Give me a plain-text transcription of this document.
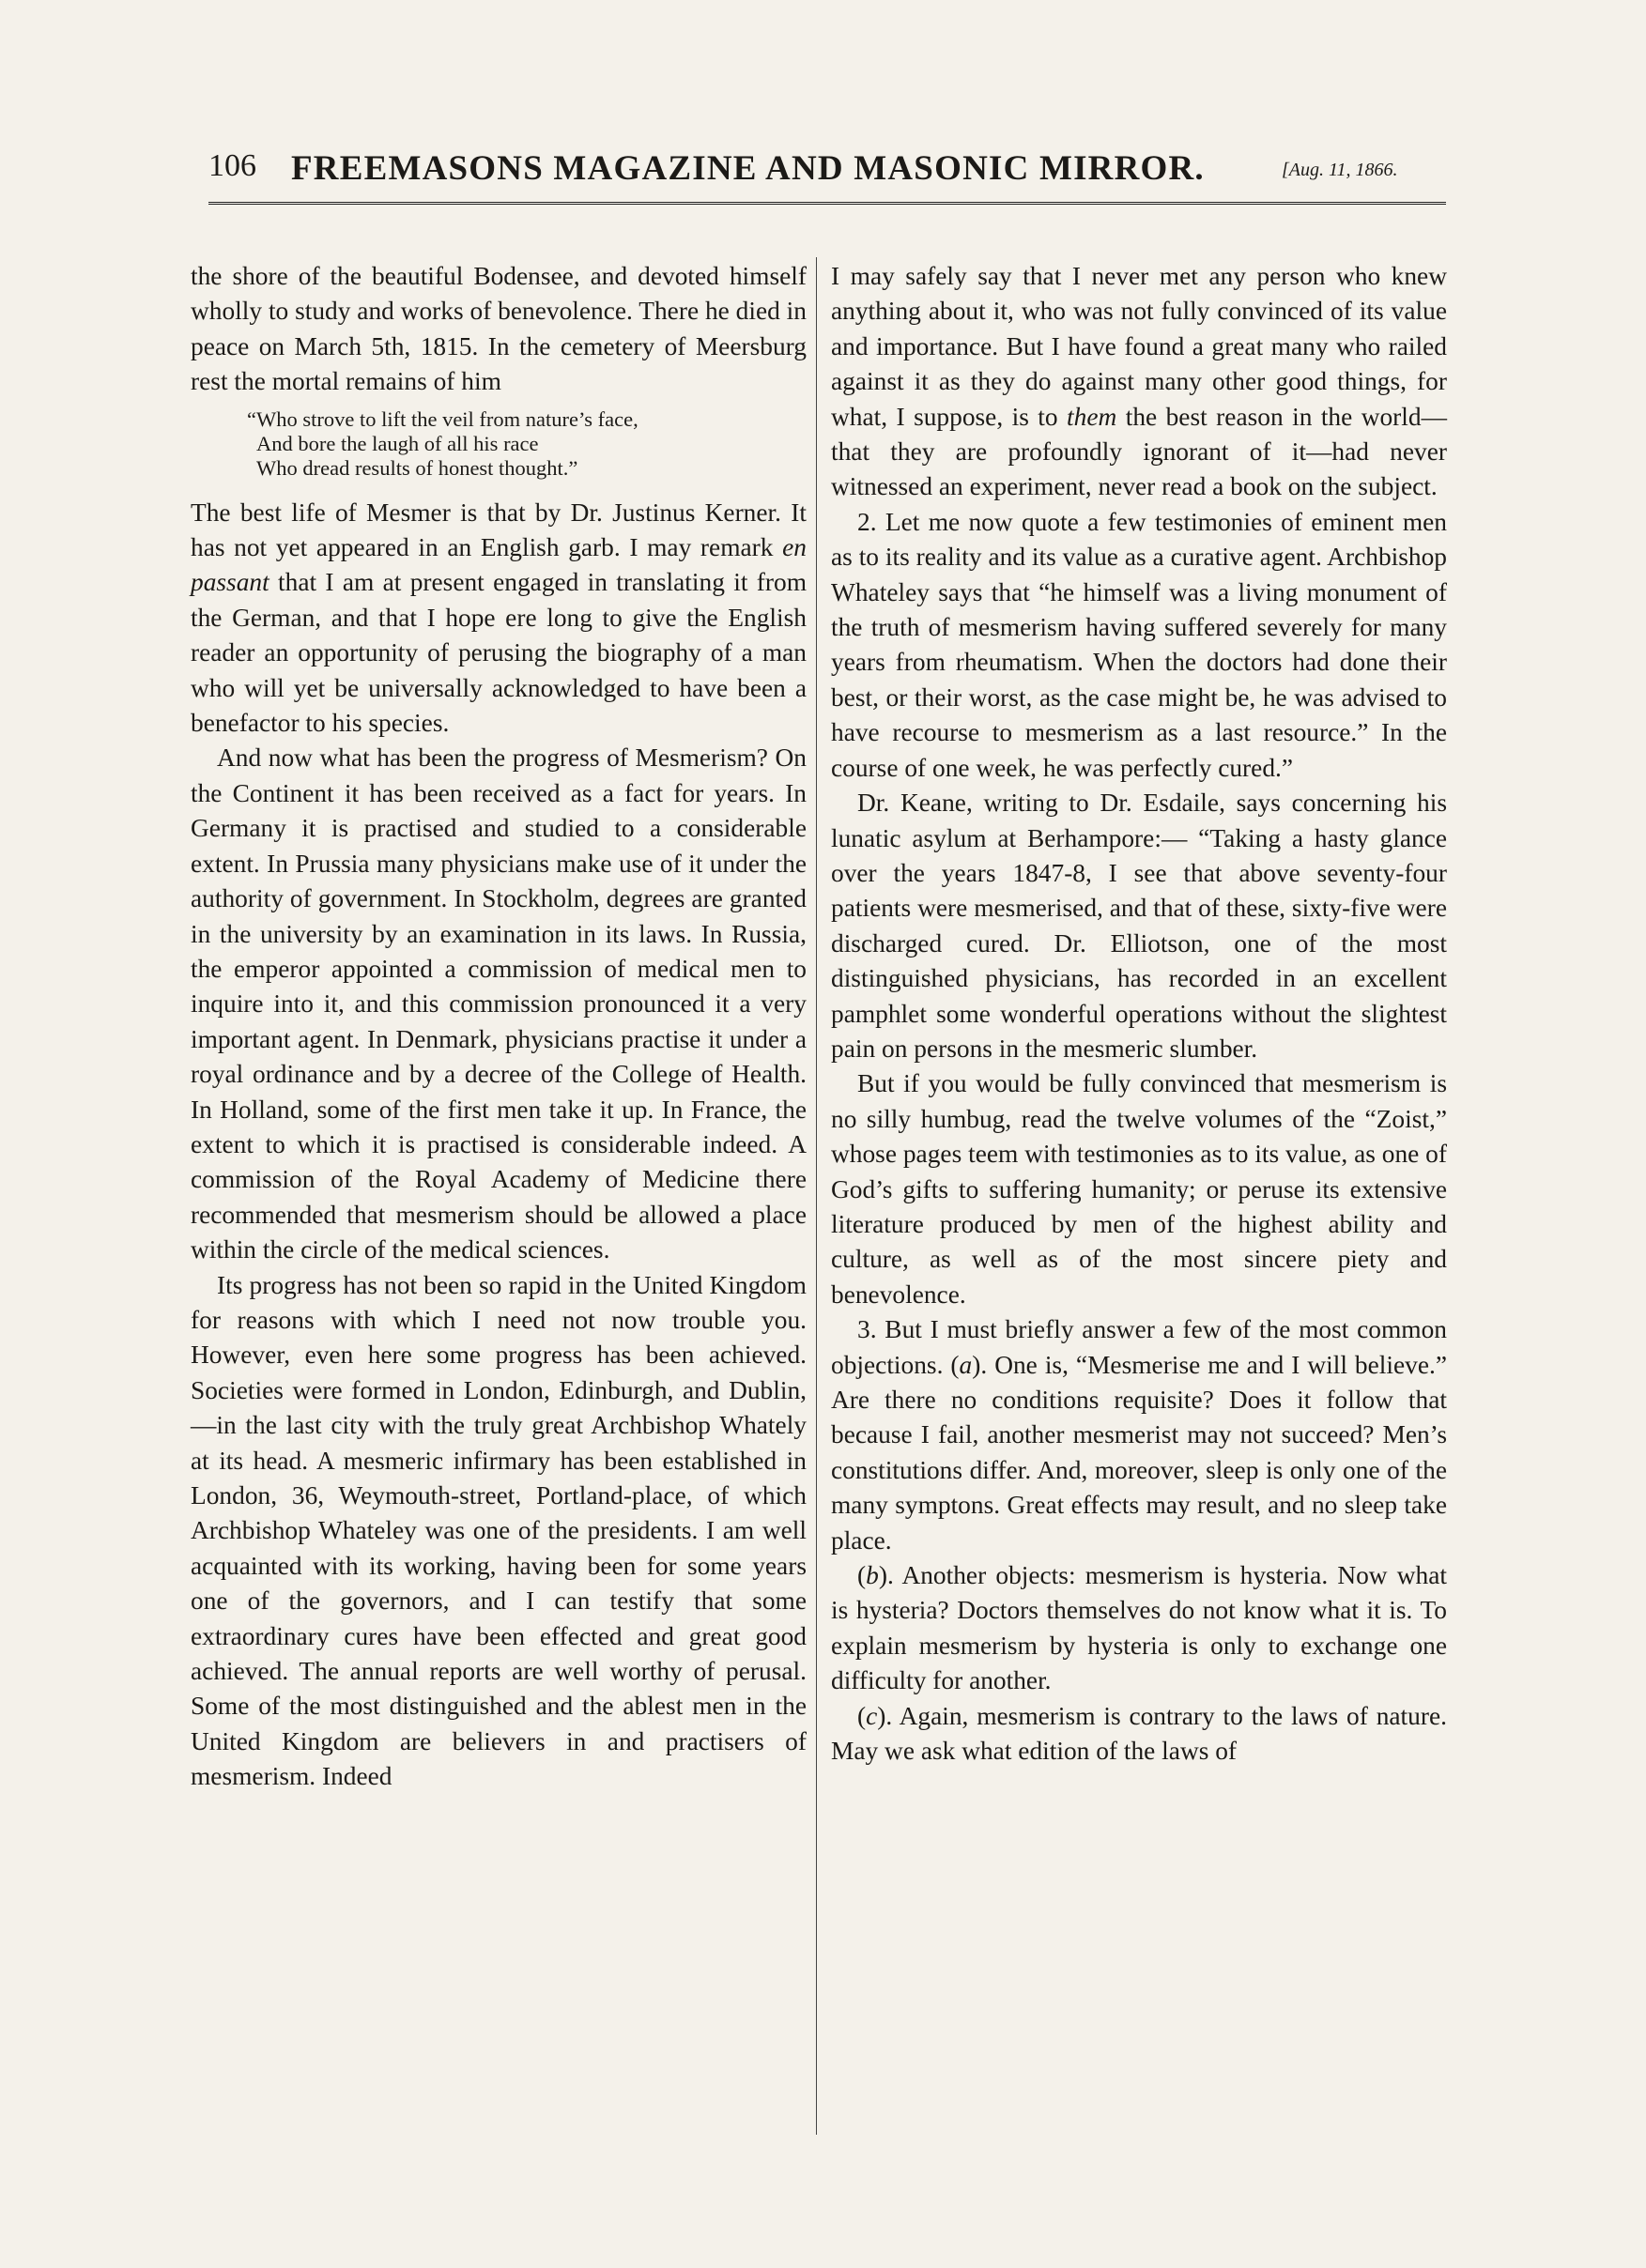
106 FREEMASONS MAGAZINE AND MASONIC MIRROR.	[Aug. 11, 1866.

the shore of the beautiful Bodensee, and devoted himself wholly to study and works of benevolence. There he died in peace on March 5th, 1815. In the cemetery of Meersburg rest the mortal remains of him

“Who strove to lift the veil from nature’s face,
And bore the laugh of all his race
Who dread results of honest thought.”

The best life of Mesmer is that by Dr. Justinus Kerner. It has not yet appeared in an English garb. I may remark en passant that I am at present engaged in translating it from the German, and that I hope ere long to give the English reader an opportunity of perusing the biography of a man who will yet be universally acknowledged to have been a benefactor to his species.

And now what has been the progress of Mesmerism? On the Continent it has been received as a fact for years. In Germany it is practised and studied to a considerable extent. In Prussia many physicians make use of it under the authority of government. In Stockholm, degrees are granted in the university by an examination in its laws. In Russia, the emperor appointed a commission of medical men to inquire into it, and this commission pronounced it a very important agent. In Denmark, physicians practise it under a royal ordinance and by a decree of the College of Health. In Holland, some of the first men take it up. In France, the extent to which it is practised is considerable indeed. A commission of the Royal Academy of Medicine there recommended that mesmerism should be allowed a place within the circle of the medical sciences.

Its progress has not been so rapid in the United Kingdom for reasons with which I need not now trouble you. However, even here some progress has been achieved. Societies were formed in London, Edinburgh, and Dublin,—in the last city with the truly great Archbishop Whately at its head. A mesmeric infirmary has been established in London, 36, Weymouth-street, Portland-place, of which Archbishop Whateley was one of the presidents. I am well acquainted with its working, having been for some years one of the governors, and I can testify that some extraordinary cures have been effected and great good achieved. The annual reports are well worthy of perusal. Some of the most distinguished and the ablest men in the United Kingdom are believers in and practisers of mesmerism. Indeed

I may safely say that I never met any person who knew anything about it, who was not fully convinced of its value and importance. But I have found a great many who railed against it as they do against many other good things, for what, I suppose, is to them the best reason in the world—that they are profoundly ignorant of it—had never witnessed an experiment, never read a book on the subject.

2. Let me now quote a few testimonies of eminent men as to its reality and its value as a curative agent. Archbishop Whateley says that “he himself was a living monument of the truth of mesmerism having suffered severely for many years from rheumatism. When the doctors had done their best, or their worst, as the case might be, he was advised to have recourse to mesmerism as a last resource.” In the course of one week, he was perfectly cured.”

Dr. Keane, writing to Dr. Esdaile, says concerning his lunatic asylum at Berhampore:— “Taking a hasty glance over the years 1847-8, I see that above seventy-four patients were mesmerised, and that of these, sixty-five were discharged cured. Dr. Elliotson, one of the most distinguished physicians, has recorded in an excellent pamphlet some wonderful operations without the slightest pain on persons in the mesmeric slumber.

But if you would be fully convinced that mesmerism is no silly humbug, read the twelve volumes of the “Zoist,” whose pages teem with testimonies as to its value, as one of God’s gifts to suffering humanity; or peruse its extensive literature produced by men of the highest ability and culture, as well as of the most sincere piety and benevolence.

3. But I must briefly answer a few of the most common objections. (a). One is, “Mesmerise me and I will believe.” Are there no conditions requisite? Does it follow that because I fail, another mesmerist may not succeed? Men’s constitutions differ. And, moreover, sleep is only one of the many symptons. Great effects may result, and no sleep take place.

(b). Another objects: mesmerism is hysteria. Now what is hysteria? Doctors themselves do not know what it is. To explain mesmerism by hysteria is only to exchange one difficulty for another.

(c). Again, mesmerism is contrary to the laws of nature. May we ask what edition of the laws of
